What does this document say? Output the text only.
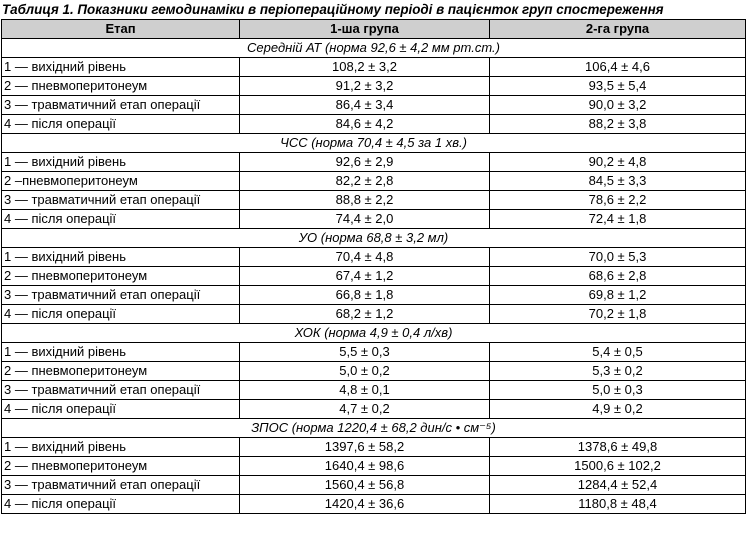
Таблиця 1. Показники гемодинаміки в періопераційному періоді в пацієнток груп спостереження
Етап	1-ша група	2-га група
Середній АТ (норма 92,6 ± 4,2 мм рт.ст.)		
1 — вихідний рівень	108,2 ± 3,2	106,4 ± 4,6
2 — пневмоперитонеум	91,2 ± 3,2	93,5 ± 5,4
3 — травматичний етап операції	86,4 ± 3,4	90,0 ± 3,2
4 — після операції	84,6 ± 4,2	88,2 ± 3,8
ЧСС (норма 70,4 ± 4,5 за 1 хв.)		
1 — вихідний рівень	92,6 ± 2,9	90,2 ± 4,8
2 –пневмоперитонеум	82,2 ± 2,8	84,5 ± 3,3
3 — травматичний етап операції	88,8 ± 2,2	78,6 ± 2,2
4 — після операції	74,4 ± 2,0	72,4 ± 1,8
УО (норма 68,8 ± 3,2 мл)		
1 — вихідний рівень	70,4 ± 4,8	70,0 ± 5,3
2 — пневмоперитонеум	67,4 ± 1,2	68,6 ± 2,8
3 — травматичний етап операції	66,8 ± 1,8	69,8 ± 1,2
4 — після операції	68,2 ± 1,2	70,2 ± 1,8
ХОК (норма 4,9 ± 0,4 л/хв)		
1 — вихідний рівень	5,5 ± 0,3	5,4 ± 0,5
2 — пневмоперитонеум	5,0 ± 0,2	5,3 ± 0,2
3 — травматичний етап операції	4,8 ± 0,1	5,0 ± 0,3
4 — після операції	4,7 ± 0,2	4,9 ± 0,2
ЗПОС (норма 1220,4 ± 68,2 дин/с • см⁻⁵)		
1 — вихідний рівень	1397,6 ± 58,2	1378,6 ± 49,8
2 — пневмоперитонеум	1640,4 ± 98,6	1500,6 ± 102,2
3 — травматичний етап операції	1560,4 ± 56,8	1284,4 ± 52,4
4 — після операції	1420,4 ± 36,6	1180,8 ± 48,4
